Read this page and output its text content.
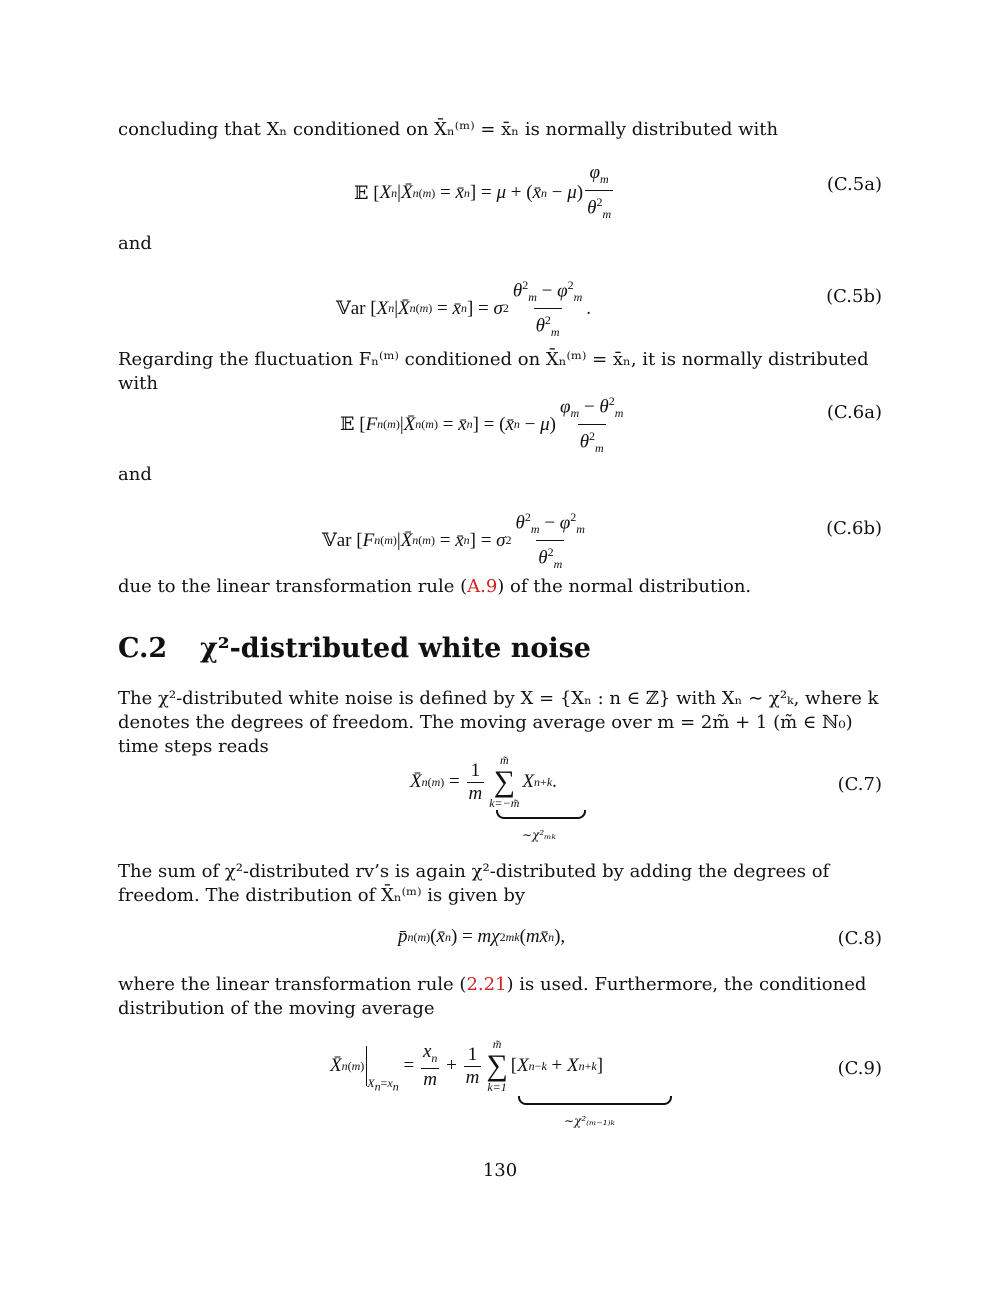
concluding that Xₙ conditioned on X̄ₙ⁽ᵐ⁾ = x̄ₙ is normally distributed with
𝔼 [ X n | X̄ n (m) = x̄ n ] = μ + ( x̄ n − μ ) $\frac{\varphi_m}{\theta^2_m}$	(C.5a)
and
𝕍ar [ X n | X̄ n (m) = x̄ n ] = σ $2 \frac{\theta^2_m - \varphi^2_m}{\theta^2_m}$ .
(C.5b)
Regarding the fluctuation Fₙ⁽ᵐ⁾ conditioned on X̄ₙ⁽ᵐ⁾ = x̄ₙ, it is normally distributed with
𝔼 [ F n (m) | X̄ n (m) = x̄ n ] = ( x̄ n − μ ) $\frac{\varphi_m - \theta^2_m}{\theta^2_m}$	(C.6a)
and
𝕍ar [ F n (m) | X̄ n (m) = x̄ n ] = σ $2 \frac{\theta^2_m - \varphi^2_m}{\theta^2_m}$	(C.6b)
due to the linear transformation rule (A.9) of the normal distribution.
C.2 χ²-distributed white noise
The χ²-distributed white noise is defined by X = {Xₙ : n ∈ ℤ} with Xₙ ∼ χ²ₖ, where k denotes the degrees of freedom. The moving average over m = 2m̃ + 1 (m̃ ∈ ℕ₀) time steps reads
X̄ n $(m) = \frac{1}{m}$ m̃
∑
k=−m̃
X n+k .
∼χ²ₘₖ
(C.7)
The sum of χ²-distributed rv’s is again χ²-distributed by adding the degrees of freedom. The distribution of X̄ₙ⁽ᵐ⁾ is given by
p̄ n (m) ( x̄ n ) = m χ 2 mk ( m x̄ n ),	(C.8)
where the linear transformation rule (2.21) is used. Furthermore, the conditioned distribution of the moving average
X̄ n (m)
$_{X_n=x_n}$
= $\frac{x_n}{m} + \frac{1}{m}$ m̃
∑
k=1
[ X n−k + X n+k ]
∼χ²₍ₘ₋₁₎ₖ
(C.9)
130
